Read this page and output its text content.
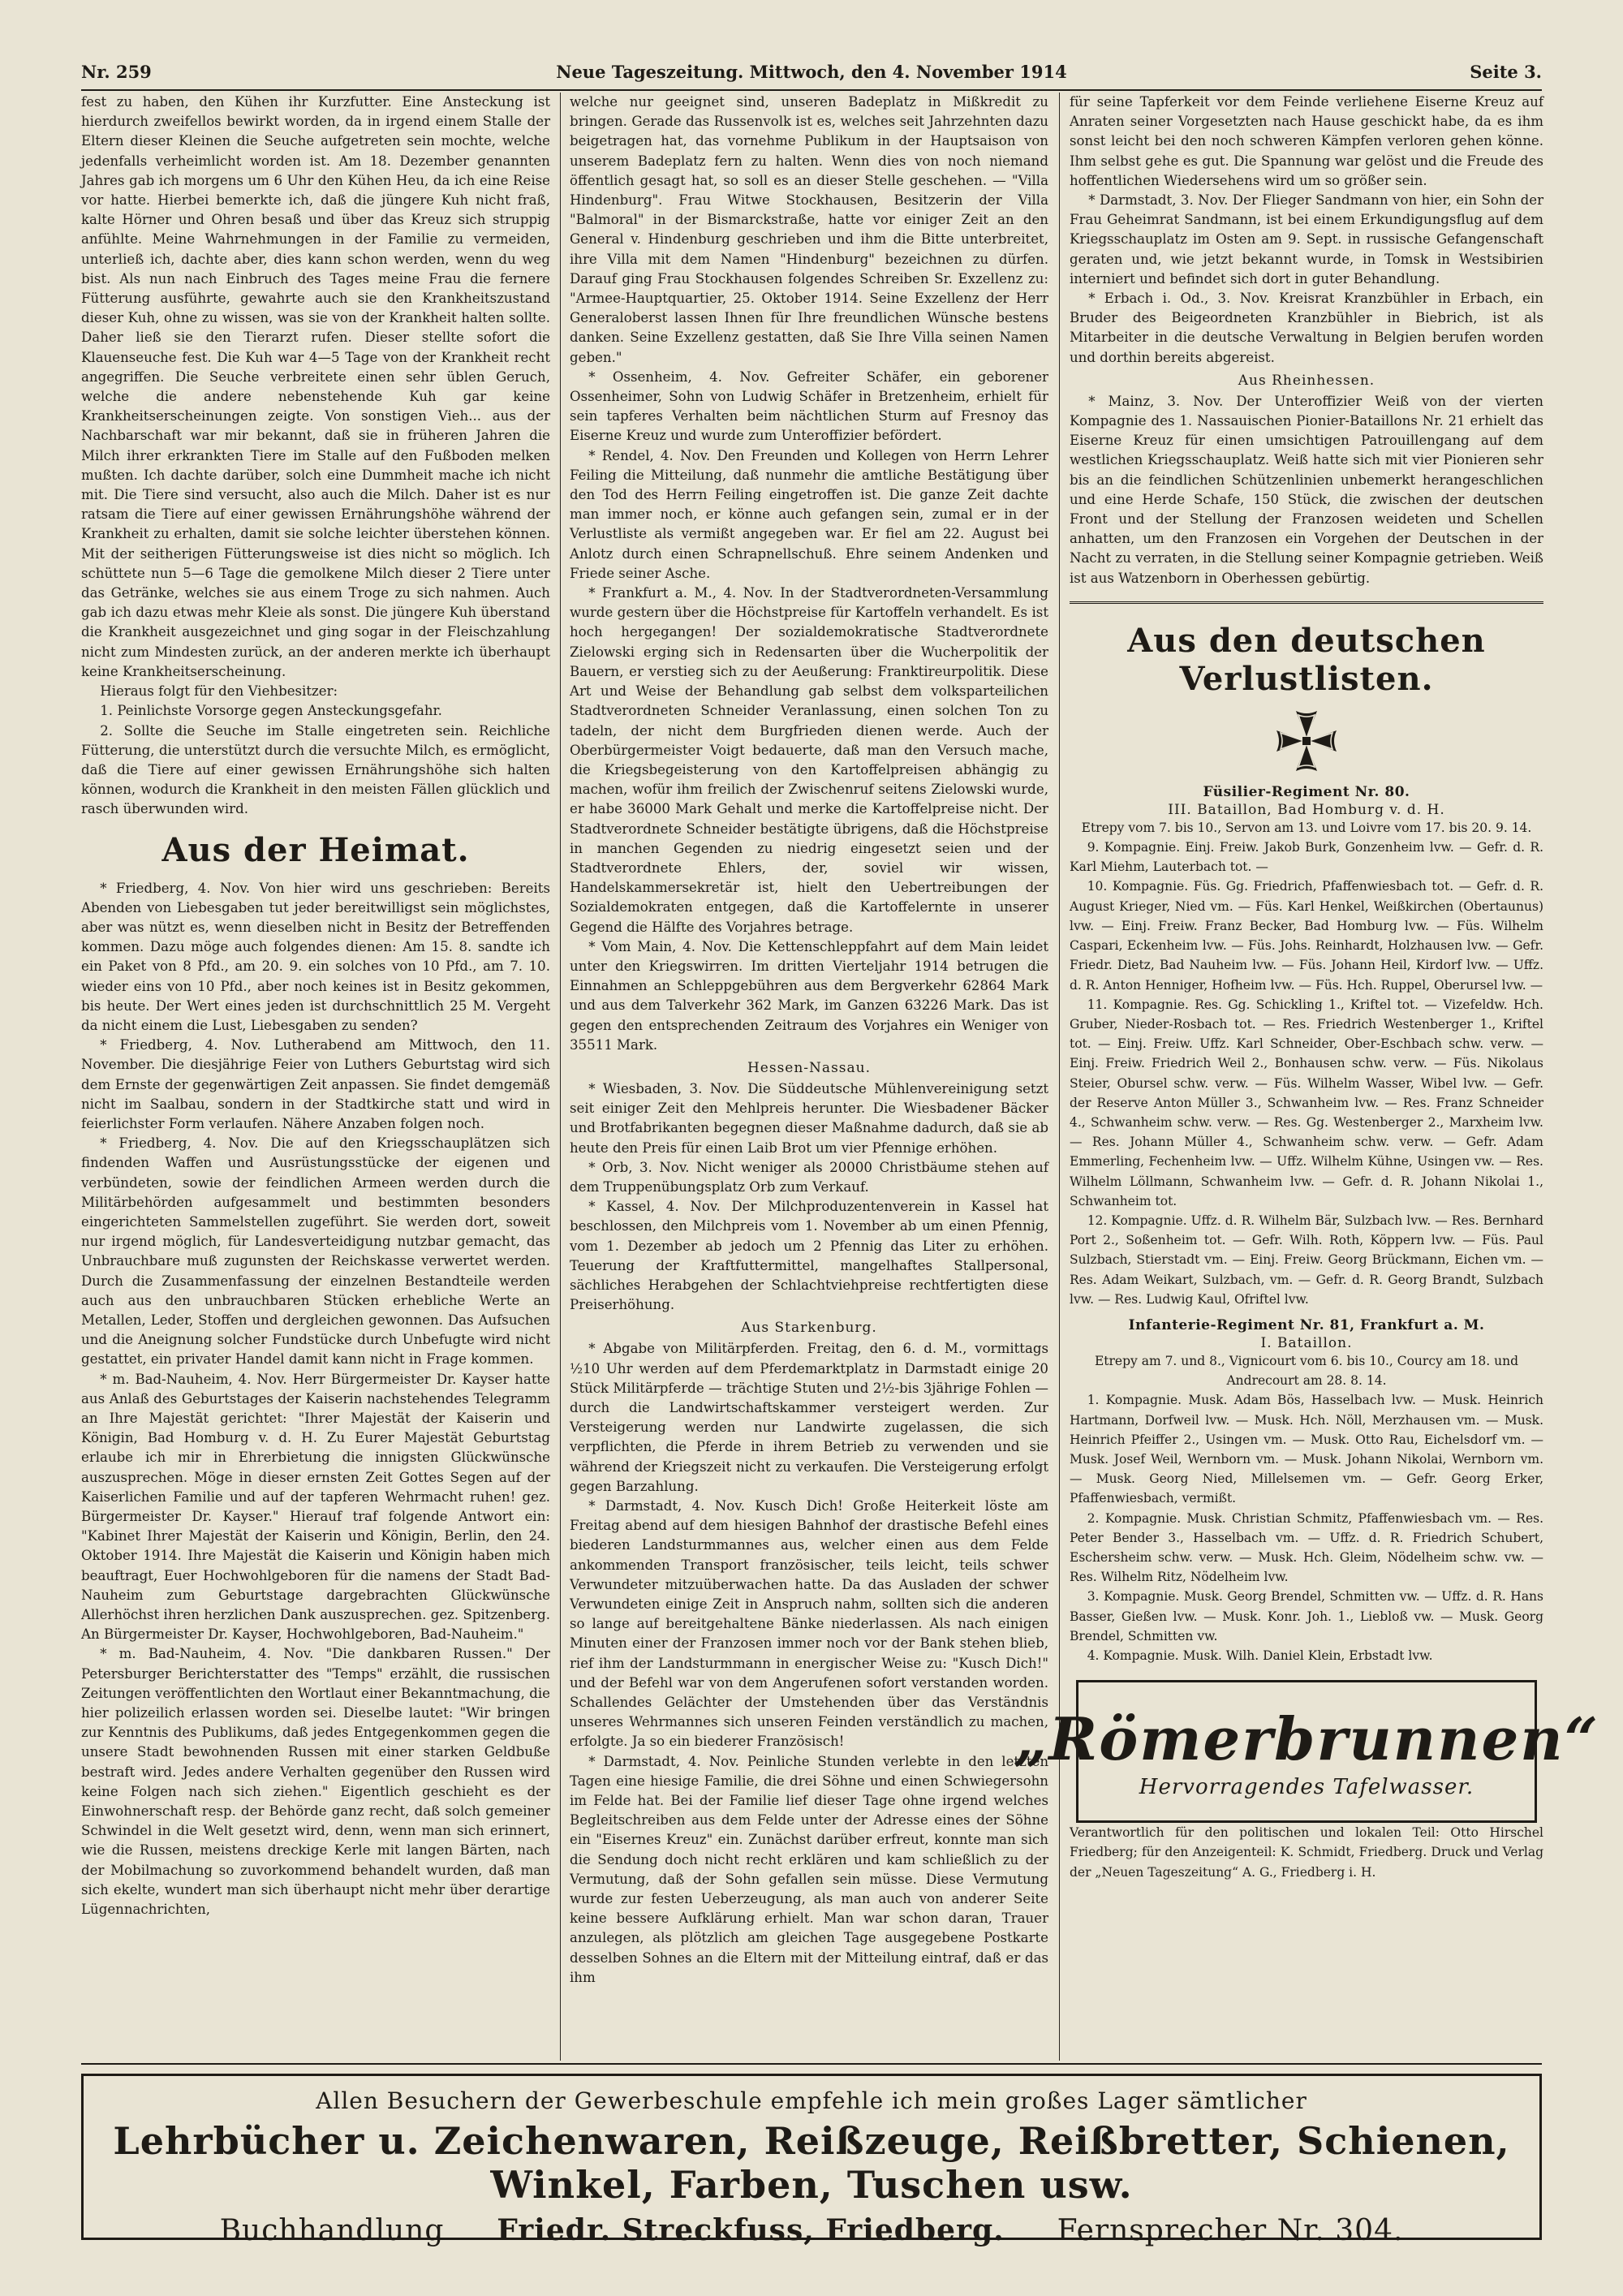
Nr. 259	Neue Tageszeitung. Mittwoch, den 4. November 1914	Seite 3.

fest zu haben, den Kühen ihr Kurzfutter. Eine Ansteckung ist hierdurch zweifellos bewirkt worden, da in irgend einem Stalle der Eltern dieser Kleinen die Seuche aufgetreten sein mochte, welche jedenfalls verheimlicht worden ist. Am 18. Dezember genannten Jahres gab ich morgens um 6 Uhr den Kühen Heu, da ich eine Reise vor hatte. Hierbei bemerkte ich, daß die jüngere Kuh nicht fraß, kalte Hörner und Ohren besaß und über das Kreuz sich struppig anfühlte. Meine Wahrnehmungen in der Familie zu vermeiden, unterließ ich, dachte aber, dies kann schon werden, wenn du weg bist. Als nun nach Einbruch des Tages meine Frau die fernere Fütterung ausführte, gewahrte auch sie den Krankheitszustand dieser Kuh, ohne zu wissen, was sie von der Krankheit halten sollte. Daher ließ sie den Tierarzt rufen. Dieser stellte sofort die Klauenseuche fest. Die Kuh war 4—5 Tage von der Krankheit recht angegriffen. Die Seuche verbreitete einen sehr üblen Geruch, welche die andere nebenstehende Kuh gar keine Krankheitserscheinungen zeigte. Von sonstigen Vieh... aus der Nachbarschaft war mir bekannt, daß sie in früheren Jahren die Milch ihrer erkrankten Tiere im Stalle auf den Fußboden melken mußten. Ich dachte darüber, solch eine Dummheit mache ich nicht mit. Die Tiere sind versucht, also auch die Milch. Daher ist es nur ratsam die Tiere auf einer gewissen Ernährungshöhe während der Krankheit zu erhalten, damit sie solche leichter überstehen können. Mit der seitherigen Fütterungsweise ist dies nicht so möglich. Ich schüttete nun 5—6 Tage die gemolkene Milch dieser 2 Tiere unter das Getränke, welches sie aus einem Troge zu sich nahmen. Auch gab ich dazu etwas mehr Kleie als sonst. Die jüngere Kuh überstand die Krankheit ausgezeichnet und ging sogar in der Fleischzahlung nicht zum Mindesten zurück, an der anderen merkte ich überhaupt keine Krankheitserscheinung.

Hieraus folgt für den Viehbesitzer:

1. Peinlichste Vorsorge gegen Ansteckungsgefahr.

2. Sollte die Seuche im Stalle eingetreten sein. Reichliche Fütterung, die unterstützt durch die versuchte Milch, es ermöglicht, daß die Tiere auf einer gewissen Ernährungshöhe sich halten können, wodurch die Krankheit in den meisten Fällen glücklich und rasch überwunden wird.

Aus der Heimat.

* Friedberg, 4. Nov. Von hier wird uns geschrieben: Bereits Abenden von Liebesgaben tut jeder bereitwilligst sein möglichstes, aber was nützt es, wenn dieselben nicht in Besitz der Betreffenden kommen. Dazu möge auch folgendes dienen: Am 15. 8. sandte ich ein Paket von 8 Pfd., am 20. 9. ein solches von 10 Pfd., am 7. 10. wieder eins von 10 Pfd., aber noch keines ist in Besitz gekommen, bis heute. Der Wert eines jeden ist durchschnittlich 25 M. Vergeht da nicht einem die Lust, Liebesgaben zu senden?

* Friedberg, 4. Nov. Lutherabend am Mittwoch, den 11. November. Die diesjährige Feier von Luthers Geburtstag wird sich dem Ernste der gegenwärtigen Zeit anpassen. Sie findet demgemäß nicht im Saalbau, sondern in der Stadtkirche statt und wird in feierlichster Form verlaufen. Nähere Anzaben folgen noch.

* Friedberg, 4. Nov. Die auf den Kriegsschauplätzen sich findenden Waffen und Ausrüstungsstücke der eigenen und verbündeten, sowie der feindlichen Armeen werden durch die Militärbehörden aufgesammelt und bestimmten besonders eingerichteten Sammelstellen zugeführt. Sie werden dort, soweit nur irgend möglich, für Landesverteidigung nutzbar gemacht, das Unbrauchbare muß zugunsten der Reichskasse verwertet werden. Durch die Zusammenfassung der einzelnen Bestandteile werden auch aus den unbrauchbaren Stücken erhebliche Werte an Metallen, Leder, Stoffen und dergleichen gewonnen. Das Aufsuchen und die Aneignung solcher Fundstücke durch Unbefugte wird nicht gestattet, ein privater Handel damit kann nicht in Frage kommen.

* m. Bad-Nauheim, 4. Nov. Herr Bürgermeister Dr. Kayser hatte aus Anlaß des Geburtstages der Kaiserin nachstehendes Telegramm an Ihre Majestät gerichtet: "Ihrer Majestät der Kaiserin und Königin, Bad Homburg v. d. H. Zu Eurer Majestät Geburtstag erlaube ich mir in Ehrerbietung die innigsten Glückwünsche auszusprechen. Möge in dieser ernsten Zeit Gottes Segen auf der Kaiserlichen Familie und auf der tapferen Wehrmacht ruhen! gez. Bürgermeister Dr. Kayser." Hierauf traf folgende Antwort ein: "Kabinet Ihrer Majestät der Kaiserin und Königin, Berlin, den 24. Oktober 1914. Ihre Majestät die Kaiserin und Königin haben mich beauftragt, Euer Hochwohlgeboren für die namens der Stadt Bad-Nauheim zum Geburtstage dargebrachten Glückwünsche Allerhöchst ihren herzlichen Dank auszusprechen. gez. Spitzenberg. An Bürgermeister Dr. Kayser, Hochwohlgeboren, Bad-Nauheim."

* m. Bad-Nauheim, 4. Nov. "Die dankbaren Russen." Der Petersburger Berichterstatter des "Temps" erzählt, die russischen Zeitungen veröffentlichten den Wortlaut einer Bekanntmachung, die hier polizeilich erlassen worden sei. Dieselbe lautet: "Wir bringen zur Kenntnis des Publikums, daß jedes Entgegenkommen gegen die unsere Stadt bewohnenden Russen mit einer starken Geldbuße bestraft wird. Jedes andere Verhalten gegenüber den Russen wird keine Folgen nach sich ziehen." Eigentlich geschieht es der Einwohnerschaft resp. der Behörde ganz recht, daß solch gemeiner Schwindel in die Welt gesetzt wird, denn, wenn man sich erinnert, wie die Russen, meistens dreckige Kerle mit langen Bärten, nach der Mobilmachung so zuvorkommend behandelt wurden, daß man sich ekelte, wundert man sich überhaupt nicht mehr über derartige Lügennachrichten,

welche nur geeignet sind, unseren Badeplatz in Mißkredit zu bringen. Gerade das Russenvolk ist es, welches seit Jahrzehnten dazu beigetragen hat, das vornehme Publikum in der Hauptsaison von unserem Badeplatz fern zu halten. Wenn dies von noch niemand öffentlich gesagt hat, so soll es an dieser Stelle geschehen. — "Villa Hindenburg". Frau Witwe Stockhausen, Besitzerin der Villa "Balmoral" in der Bismarckstraße, hatte vor einiger Zeit an den General v. Hindenburg geschrieben und ihm die Bitte unterbreitet, ihre Villa mit dem Namen "Hindenburg" bezeichnen zu dürfen. Darauf ging Frau Stockhausen folgendes Schreiben Sr. Exzellenz zu: "Armee-Hauptquartier, 25. Oktober 1914. Seine Exzellenz der Herr Generaloberst lassen Ihnen für Ihre freundlichen Wünsche bestens danken. Seine Exzellenz gestatten, daß Sie Ihre Villa seinen Namen geben."

* Ossenheim, 4. Nov. Gefreiter Schäfer, ein geborener Ossenheimer, Sohn von Ludwig Schäfer in Bretzenheim, erhielt für sein tapferes Verhalten beim nächtlichen Sturm auf Fresnoy das Eiserne Kreuz und wurde zum Unteroffizier befördert.

* Rendel, 4. Nov. Den Freunden und Kollegen von Herrn Lehrer Feiling die Mitteilung, daß nunmehr die amtliche Bestätigung über den Tod des Herrn Feiling eingetroffen ist. Die ganze Zeit dachte man immer noch, er könne auch gefangen sein, zumal er in der Verlustliste als vermißt angegeben war. Er fiel am 22. August bei Anlotz durch einen Schrapnellschuß. Ehre seinem Andenken und Friede seiner Asche.

* Frankfurt a. M., 4. Nov. In der Stadtverordneten-Versammlung wurde gestern über die Höchstpreise für Kartoffeln verhandelt. Es ist hoch hergegangen! Der sozialdemokratische Stadtverordnete Zielowski erging sich in Redensarten über die Wucherpolitik der Bauern, er verstieg sich zu der Aeußerung: Franktireurpolitik. Diese Art und Weise der Behandlung gab selbst dem volksparteilichen Stadtverordneten Schneider Veranlassung, einen solchen Ton zu tadeln, der nicht dem Burgfrieden dienen werde. Auch der Oberbürgermeister Voigt bedauerte, daß man den Versuch mache, die Kriegsbegeisterung von den Kartoffelpreisen abhängig zu machen, wofür ihm freilich der Zwischenruf seitens Zielowski wurde, er habe 36000 Mark Gehalt und merke die Kartoffelpreise nicht. Der Stadtverordnete Schneider bestätigte übrigens, daß die Höchstpreise in manchen Gegenden zu niedrig eingesetzt seien und der Stadtverordnete Ehlers, der, soviel wir wissen, Handelskammersekretär ist, hielt den Uebertreibungen der Sozialdemokraten entgegen, daß die Kartoffelernte in unserer Gegend die Hälfte des Vorjahres betrage.

* Vom Main, 4. Nov. Die Kettenschleppfahrt auf dem Main leidet unter den Kriegswirren. Im dritten Vierteljahr 1914 betrugen die Einnahmen an Schleppgebühren aus dem Bergverkehr 62864 Mark und aus dem Talverkehr 362 Mark, im Ganzen 63226 Mark. Das ist gegen den entsprechenden Zeitraum des Vorjahres ein Weniger von 35511 Mark.

Hessen-Nassau.

* Wiesbaden, 3. Nov. Die Süddeutsche Mühlenvereinigung setzt seit einiger Zeit den Mehlpreis herunter. Die Wiesbadener Bäcker und Brotfabrikanten begegnen dieser Maßnahme dadurch, daß sie ab heute den Preis für einen Laib Brot um vier Pfennige erhöhen.

* Orb, 3. Nov. Nicht weniger als 20000 Christbäume stehen auf dem Truppenübungsplatz Orb zum Verkauf.

* Kassel, 4. Nov. Der Milchproduzentenverein in Kassel hat beschlossen, den Milchpreis vom 1. November ab um einen Pfennig, vom 1. Dezember ab jedoch um 2 Pfennig das Liter zu erhöhen. Teuerung der Kraftfuttermittel, mangelhaftes Stallpersonal, sächliches Herabgehen der Schlachtviehpreise rechtfertigten diese Preiserhöhung.

Aus Starkenburg.

* Abgabe von Militärpferden. Freitag, den 6. d. M., vormittags ½10 Uhr werden auf dem Pferdemarktplatz in Darmstadt einige 20 Stück Militärpferde — trächtige Stuten und 2½-bis 3jährige Fohlen — durch die Landwirtschaftskammer versteigert werden. Zur Versteigerung werden nur Landwirte zugelassen, die sich verpflichten, die Pferde in ihrem Betrieb zu verwenden und sie während der Kriegszeit nicht zu verkaufen. Die Versteigerung erfolgt gegen Barzahlung.

* Darmstadt, 4. Nov. Kusch Dich! Große Heiterkeit löste am Freitag abend auf dem hiesigen Bahnhof der drastische Befehl eines biederen Landsturmmannes aus, welcher einen aus dem Felde ankommenden Transport französischer, teils leicht, teils schwer Verwundeter mitzuüberwachen hatte. Da das Ausladen der schwer Verwundeten einige Zeit in Anspruch nahm, sollten sich die anderen so lange auf bereitgehaltene Bänke niederlassen. Als nach einigen Minuten einer der Franzosen immer noch vor der Bank stehen blieb, rief ihm der Landsturmmann in energischer Weise zu: "Kusch Dich!" und der Befehl war von dem Angerufenen sofort verstanden worden. Schallendes Gelächter der Umstehenden über das Verständnis unseres Wehrmannes sich unseren Feinden verständlich zu machen, erfolgte. Ja so ein biederer Französisch!

* Darmstadt, 4. Nov. Peinliche Stunden verlebte in den letzten Tagen eine hiesige Familie, die drei Söhne und einen Schwiegersohn im Felde hat. Bei der Familie lief dieser Tage ohne irgend welches Begleitschreiben aus dem Felde unter der Adresse eines der Söhne ein "Eisernes Kreuz" ein. Zunächst darüber erfreut, konnte man sich die Sendung doch nicht recht erklären und kam schließlich zu der Vermutung, daß der Sohn gefallen sein müsse. Diese Vermutung wurde zur festen Ueberzeugung, als man auch von anderer Seite keine bessere Aufklärung erhielt. Man war schon daran, Trauer anzulegen, als plötzlich am gleichen Tage ausgegebene Postkarte desselben Sohnes an die Eltern mit der Mitteilung eintraf, daß er das ihm

für seine Tapferkeit vor dem Feinde verliehene Eiserne Kreuz auf Anraten seiner Vorgesetzten nach Hause geschickt habe, da es ihm sonst leicht bei den noch schweren Kämpfen verloren gehen könne. Ihm selbst gehe es gut. Die Spannung war gelöst und die Freude des hoffentlichen Wiedersehens wird um so größer sein.

* Darmstadt, 3. Nov. Der Flieger Sandmann von hier, ein Sohn der Frau Geheimrat Sandmann, ist bei einem Erkundigungsflug auf dem Kriegsschauplatz im Osten am 9. Sept. in russische Gefangenschaft geraten und, wie jetzt bekannt wurde, in Tomsk in Westsibirien interniert und befindet sich dort in guter Behandlung.

* Erbach i. Od., 3. Nov. Kreisrat Kranzbühler in Erbach, ein Bruder des Beigeordneten Kranzbühler in Biebrich, ist als Mitarbeiter in die deutsche Verwaltung in Belgien berufen worden und dorthin bereits abgereist.

Aus Rheinhessen.

* Mainz, 3. Nov. Der Unteroffizier Weiß von der vierten Kompagnie des 1. Nassauischen Pionier-Bataillons Nr. 21 erhielt das Eiserne Kreuz für einen umsichtigen Patrouillengang auf dem westlichen Kriegsschauplatz. Weiß hatte sich mit vier Pionieren sehr bis an die feindlichen Schützenlinien unbemerkt herangeschlichen und eine Herde Schafe, 150 Stück, die zwischen der deutschen Front und der Stellung der Franzosen weideten und Schellen anhatten, um den Franzosen ein Vorgehen der Deutschen in der Nacht zu verraten, in die Stellung seiner Kompagnie getrieben. Weiß ist aus Watzenborn in Oberhessen gebürtig.

Aus den deutschen Verlustlisten.
Füsilier-Regiment Nr. 80.
III. Bataillon, Bad Homburg v. d. H.

Etrepy vom 7. bis 10., Servon am 13. und Loivre vom 17. bis 20. 9. 14.

9. Kompagnie. Einj. Freiw. Jakob Burk, Gonzenheim lvw. — Gefr. d. R. Karl Miehm, Lauterbach tot. —

10. Kompagnie. Füs. Gg. Friedrich, Pfaffenwiesbach tot. — Gefr. d. R. August Krieger, Nied vm. — Füs. Karl Henkel, Weißkirchen (Obertaunus) lvw. — Einj. Freiw. Franz Becker, Bad Homburg lvw. — Füs. Wilhelm Caspari, Eckenheim lvw. — Füs. Johs. Reinhardt, Holzhausen lvw. — Gefr. Friedr. Dietz, Bad Nauheim lvw. — Füs. Johann Heil, Kirdorf lvw. — Uffz. d. R. Anton Henniger, Hofheim lvw. — Füs. Hch. Ruppel, Oberursel lvw. —

11. Kompagnie. Res. Gg. Schickling 1., Kriftel tot. — Vizefeldw. Hch. Gruber, Nieder-Rosbach tot. — Res. Friedrich Westenberger 1., Kriftel tot. — Einj. Freiw. Uffz. Karl Schneider, Ober-Eschbach schw. verw. — Einj. Freiw. Friedrich Weil 2., Bonhausen schw. verw. — Füs. Nikolaus Steier, Obursel schw. verw. — Füs. Wilhelm Wasser, Wibel lvw. — Gefr. der Reserve Anton Müller 3., Schwanheim lvw. — Res. Franz Schneider 4., Schwanheim schw. verw. — Res. Gg. Westenberger 2., Marxheim lvw. — Res. Johann Müller 4., Schwanheim schw. verw. — Gefr. Adam Emmerling, Fechenheim lvw. — Uffz. Wilhelm Kühne, Usingen vw. — Res. Wilhelm Löllmann, Schwanheim lvw. — Gefr. d. R. Johann Nikolai 1., Schwanheim tot.

12. Kompagnie. Uffz. d. R. Wilhelm Bär, Sulzbach lvw. — Res. Bernhard Port 2., Soßenheim tot. — Gefr. Wilh. Roth, Köppern lvw. — Füs. Paul Sulzbach, Stierstadt vm. — Einj. Freiw. Georg Brückmann, Eichen vm. — Res. Adam Weikart, Sulzbach, vm. — Gefr. d. R. Georg Brandt, Sulzbach lvw. — Res. Ludwig Kaul, Ofriftel lvw.

Infanterie-Regiment Nr. 81, Frankfurt a. M.
I. Bataillon.

Etrepy am 7. und 8., Vignicourt vom 6. bis 10., Courcy am 18. und Andrecourt am 28. 8. 14.

1. Kompagnie. Musk. Adam Bös, Hasselbach lvw. — Musk. Heinrich Hartmann, Dorfweil lvw. — Musk. Hch. Nöll, Merzhausen vm. — Musk. Heinrich Pfeiffer 2., Usingen vm. — Musk. Otto Rau, Eichelsdorf vm. — Musk. Josef Weil, Wernborn vm. — Musk. Johann Nikolai, Wernborn vm. — Musk. Georg Nied, Millelsemen vm. — Gefr. Georg Erker, Pfaffenwiesbach, vermißt.

2. Kompagnie. Musk. Christian Schmitz, Pfaffenwiesbach vm. — Res. Peter Bender 3., Hasselbach vm. — Uffz. d. R. Friedrich Schubert, Eschersheim schw. verw. — Musk. Hch. Gleim, Nödelheim schw. vw. — Res. Wilhelm Ritz, Nödelheim lvw.

3. Kompagnie. Musk. Georg Brendel, Schmitten vw. — Uffz. d. R. Hans Basser, Gießen lvw. — Musk. Konr. Joh. 1., Liebloß vw. — Musk. Georg Brendel, Schmitten vw.

4. Kompagnie. Musk. Wilh. Daniel Klein, Erbstadt lvw.

„Römerbrunnen“
Hervorragendes Tafelwasser.

Verantwortlich für den politischen und lokalen Teil: Otto Hirschel Friedberg; für den Anzeigenteil: K. Schmidt, Friedberg. Druck und Verlag der „Neuen Tageszeitung“ A. G., Friedberg i. H.

Allen Besuchern der Gewerbeschule empfehle ich mein großes Lager sämtlicher
Lehrbücher u. Zeichenwaren, Reißzeuge, Reißbretter, Schienen, Winkel, Farben, Tuschen usw.
Buchhandlung Friedr. Streckfuss, Friedberg. Fernsprecher Nr. 304.
